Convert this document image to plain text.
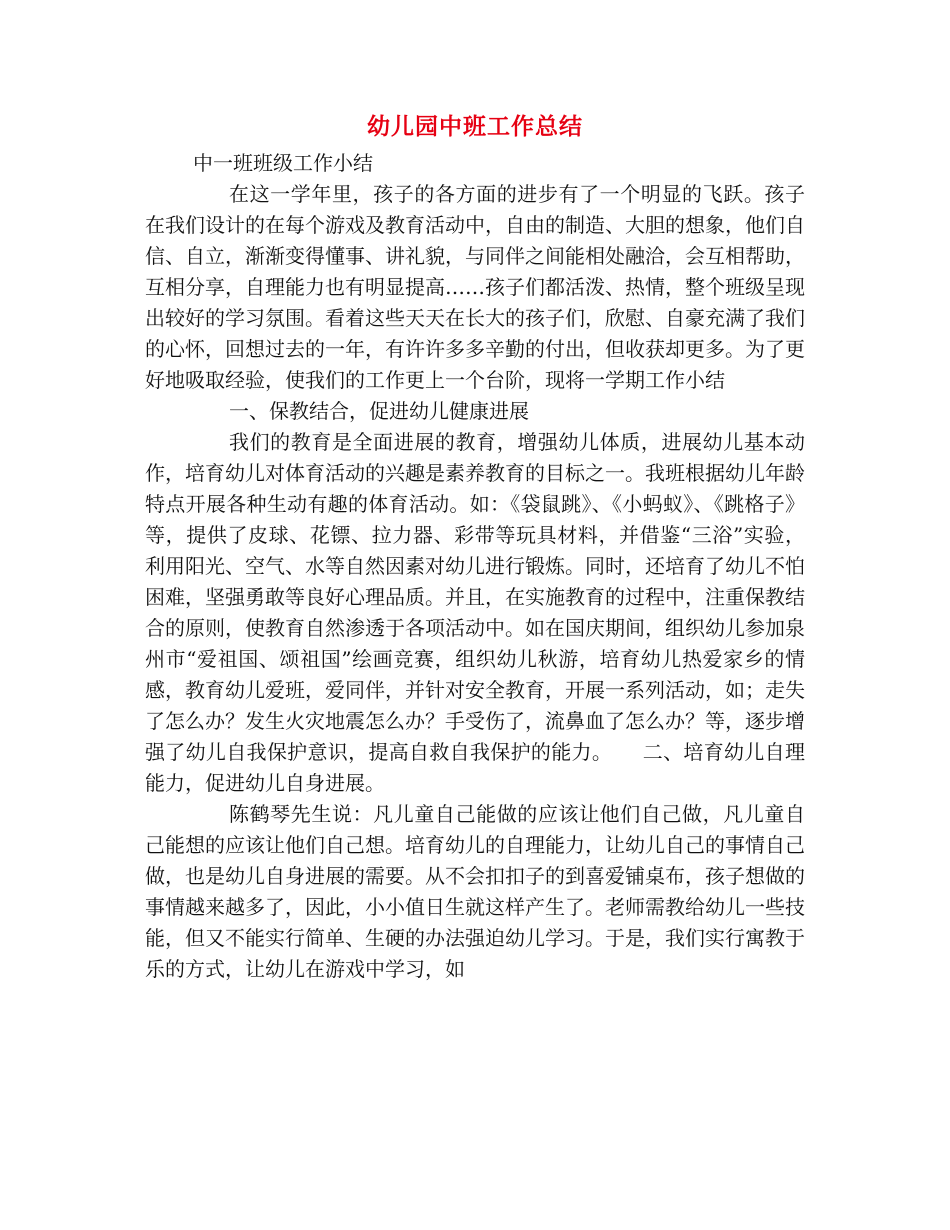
幼儿园中班工作总结

中一班班级工作小结

在这一学年里，孩子的各方面的进步有了一个明显的飞跃。孩子在我们设计的在每个游戏及教育活动中，自由的制造、大胆的想象，他们自信、自立，渐渐变得懂事、讲礼貌，与同伴之间能相处融洽，会互相帮助，互相分享，自理能力也有明显提高……孩子们都活泼、热情，整个班级呈现出较好的学习氛围。看着这些天天在长大的孩子们，欣慰、自豪充满了我们的心怀，回想过去的一年，有许许多多辛勤的付出，但收获却更多。为了更好地吸取经验，使我们的工作更上一个台阶，现将一学期工作小结

一、保教结合，促进幼儿健康进展

我们的教育是全面进展的教育，增强幼儿体质，进展幼儿基本动作，培育幼儿对体育活动的兴趣是素养教育的目标之一。我班根据幼儿年龄特点开展各种生动有趣的体育活动。如：《袋鼠跳》、《小蚂蚁》、《跳格子》等，提供了皮球、花镖、拉力器、彩带等玩具材料，并借鉴“三浴”实验，利用阳光、空气、水等自然因素对幼儿进行锻炼。同时，还培育了幼儿不怕困难，坚强勇敢等良好心理品质。并且，在实施教育的过程中，注重保教结合的原则，使教育自然渗透于各项活动中。如在国庆期间，组织幼儿参加泉州市“爱祖国、颂祖国”绘画竞赛，组织幼儿秋游，培育幼儿热爱家乡的情感，教育幼儿爱班，爱同伴，并针对安全教育，开展一系列活动，如；走失了怎么办？发生火灾地震怎么办？手受伤了，流鼻血了怎么办？等，逐步增强了幼儿自我保护意识，提高自救自我保护的能力。　　二、培育幼儿自理能力，促进幼儿自身进展。

陈鹤琴先生说：凡儿童自己能做的应该让他们自己做，凡儿童自己能想的应该让他们自己想。培育幼儿的自理能力，让幼儿自己的事情自己做，也是幼儿自身进展的需要。从不会扣扣子的到喜爱铺桌布，孩子想做的事情越来越多了，因此，小小值日生就这样产生了。老师需教给幼儿一些技能，但又不能实行简单、生硬的办法强迫幼儿学习。于是，我们实行寓教于乐的方式，让幼儿在游戏中学习，如
